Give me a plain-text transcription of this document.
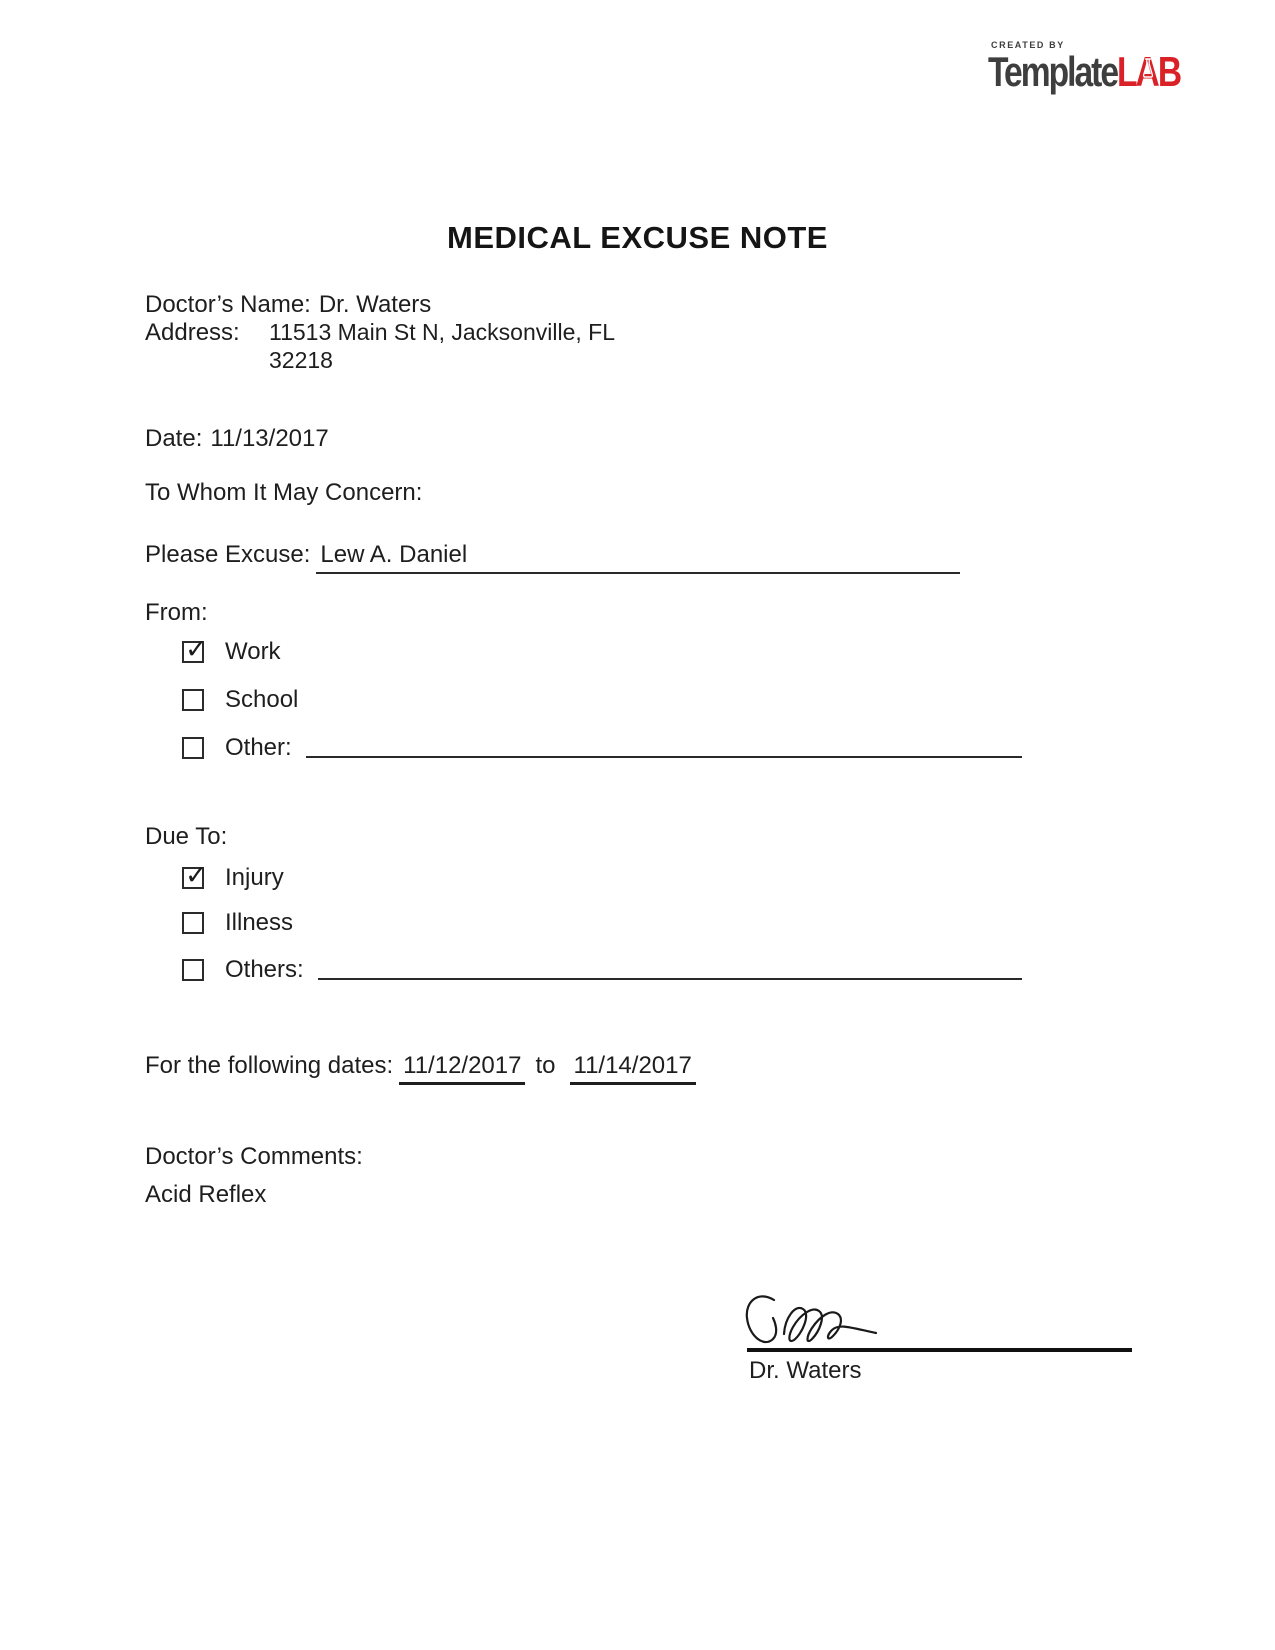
CREATED BY
TemplateLAB
MEDICAL EXCUSE NOTE
Doctor’s Name: Dr. Waters
Address: 11513 Main St N, Jacksonville, FL
32218
Date: 11/13/2017
To Whom It May Concern:
Please Excuse: Lew A. Daniel
From:
✓ Work
School
Other:
Due To:
✓ Injury
Illness
Others:
For the following dates: 11/12/2017 to 11/14/2017
Doctor’s Comments:
Acid Reflex
Dr. Waters
